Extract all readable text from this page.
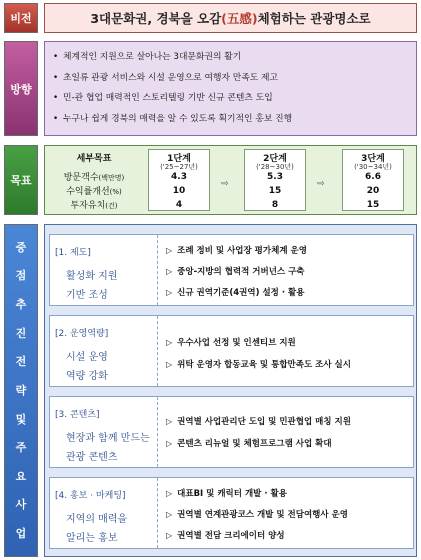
비전	3대문화권, 경북을 오감 (五感) 체험하는 관광명소로
방향
• 체계적인 지원으로 살아나는 3대문화권의 활기
• 초일류 관광 서비스와 시설 운영으로 여행자 만족도 제고
• 민-관 협업 매력적인 스토리텔링 기반 신규 콘텐츠 도입
• 누구나 쉽게 경북의 매력을 알 수 있도록 획기적인 홍보 진행
목표
세부목표
방문객수(백만명)
수익률개선(%)
투자유치(건)
1단계
('25~27년)
4.3
10
4
⇨
2단계
('28~30년)
5.3
15
8
⇨
3단계
('30~34년)
6.6
20
15
중
점
추
진
전
략
및
주
요
사
업
[1. 제도]
활성화 지원
기반 조성
▷ 조례 정비 및 사업장 평가체계 운영
▷ 중앙-지방의 협력적 거버넌스 구축
▷ 신규 권역기준(4권역) 설정 · 활용
[2. 운영역량]
시설 운영
역량 강화
▷ 우수사업 선정 및 인센티브 지원
▷ 위탁 운영자 합동교육 및 통합만족도 조사 실시
[3. 콘텐츠]
현장과 함께 만드는
관광 콘텐츠
▷ 권역별 사업관리단 도입 및 민관협업 매칭 지원
▷ 콘텐츠 리뉴얼 및 체험프로그램 사업 확대
[4. 홍보 · 마케팅]
지역의 매력을
알리는 홍보
▷ 대표BI 및 캐릭터 개발 · 활용
▷ 권역별 연계관광코스 개발 및 전담여행사 운영
▷ 권역별 전담 크리에이터 양성
